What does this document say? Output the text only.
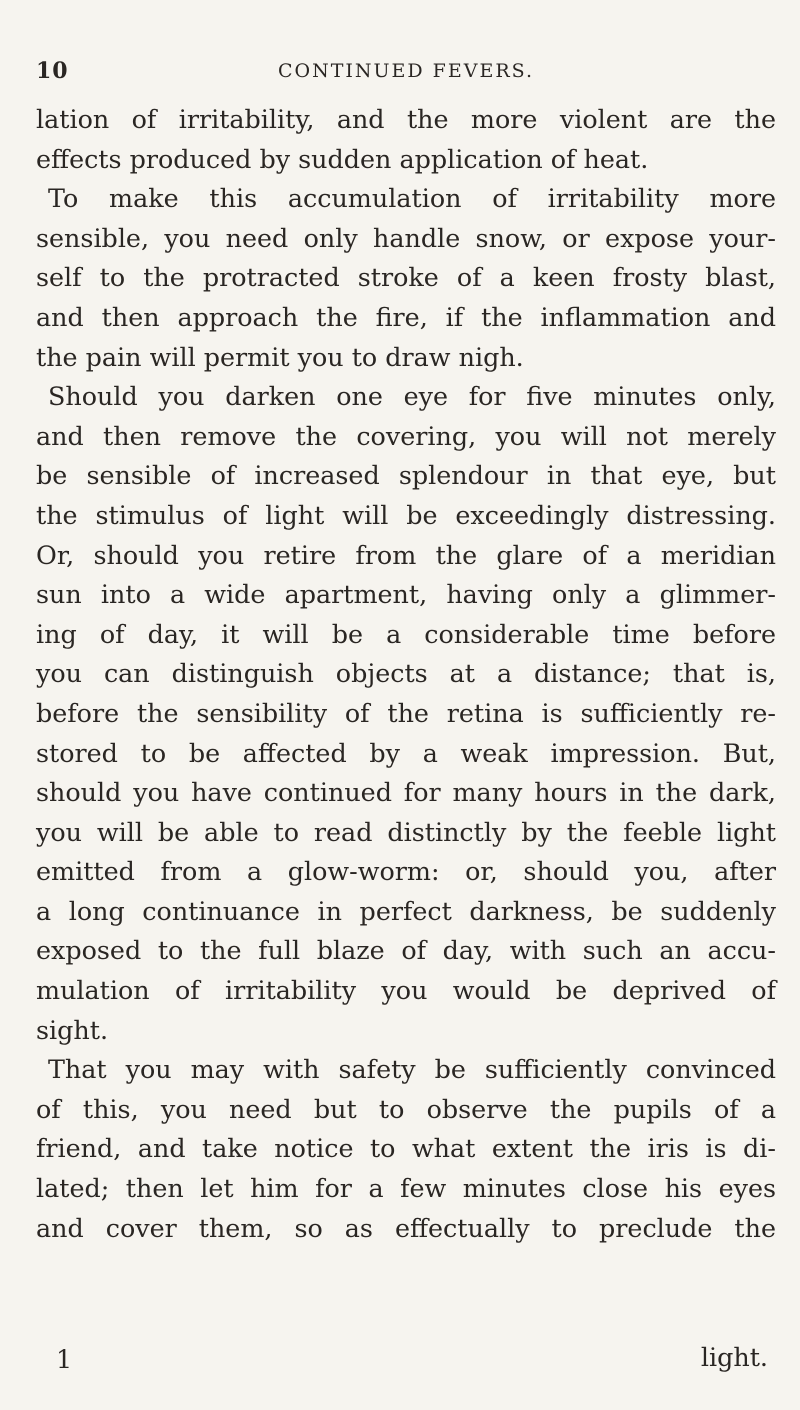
10	CONTINUED FEVERS.
lation of irritability, and the more violent are the
effects produced by sudden application of heat.
To make this accumulation of irritability more
sensible, you need only handle snow, or expose your-
self to the protracted stroke of a keen frosty blast,
and then approach the fire, if the inflammation and
the pain will permit you to draw nigh.
Should you darken one eye for five minutes only,
and then remove the covering, you will not merely
be sensible of increased splendour in that eye, but
the stimulus of light will be exceedingly distressing.
Or, should you retire from the glare of a meridian
sun into a wide apartment, having only a glimmer-
ing of day, it will be a considerable time before
you can distinguish objects at a distance; that is,
before the sensibility of the retina is sufficiently re-
stored to be affected by a weak impression. But,
should you have continued for many hours in the dark,
you will be able to read distinctly by the feeble light
emitted from a glow-worm: or, should you, after
a long continuance in perfect darkness, be suddenly
exposed to the full blaze of day, with such an accu-
mulation of irritability you would be deprived of
sight.
That you may with safety be sufficiently convinced
of this, you need but to observe the pupils of a
friend, and take notice to what extent the iris is di-
lated; then let him for a few minutes close his eyes
and cover them, so as effectually to preclude the
1	light.
